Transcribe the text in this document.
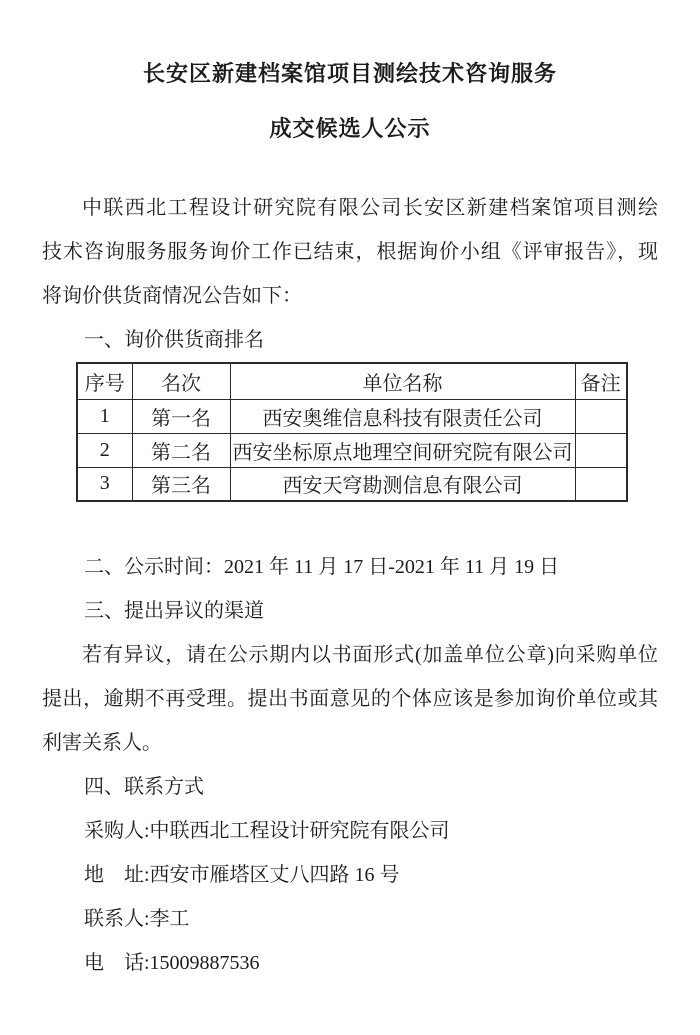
长安区新建档案馆项目测绘技术咨询服务
成交候选人公示
中联西北工程设计研究院有限公司长安区新建档案馆项目测绘
技术咨询服务服务询价工作已结束，根据询价小组《评审报告》，现
将询价供货商情况公告如下：
一、询价供货商排名
序号	名次	单位名称	备注
1	第一名	西安奥维信息科技有限责任公司	
2	第二名	西安坐标原点地理空间研究院有限公司	
3	第三名	西安天穹勘测信息有限公司	
二、公示时间：2021 年 11 月 17 日-2021 年 11 月 19 日
三、提出异议的渠道
若有异议，请在公示期内以书面形式(加盖单位公章)向采购单位
提出，逾期不再受理。提出书面意见的个体应该是参加询价单位或其
利害关系人。
四、联系方式
采购人:中联西北工程设计研究院有限公司
地　址:西安市雁塔区丈八四路 16 号
联系人:李工
电　话:15009887536
